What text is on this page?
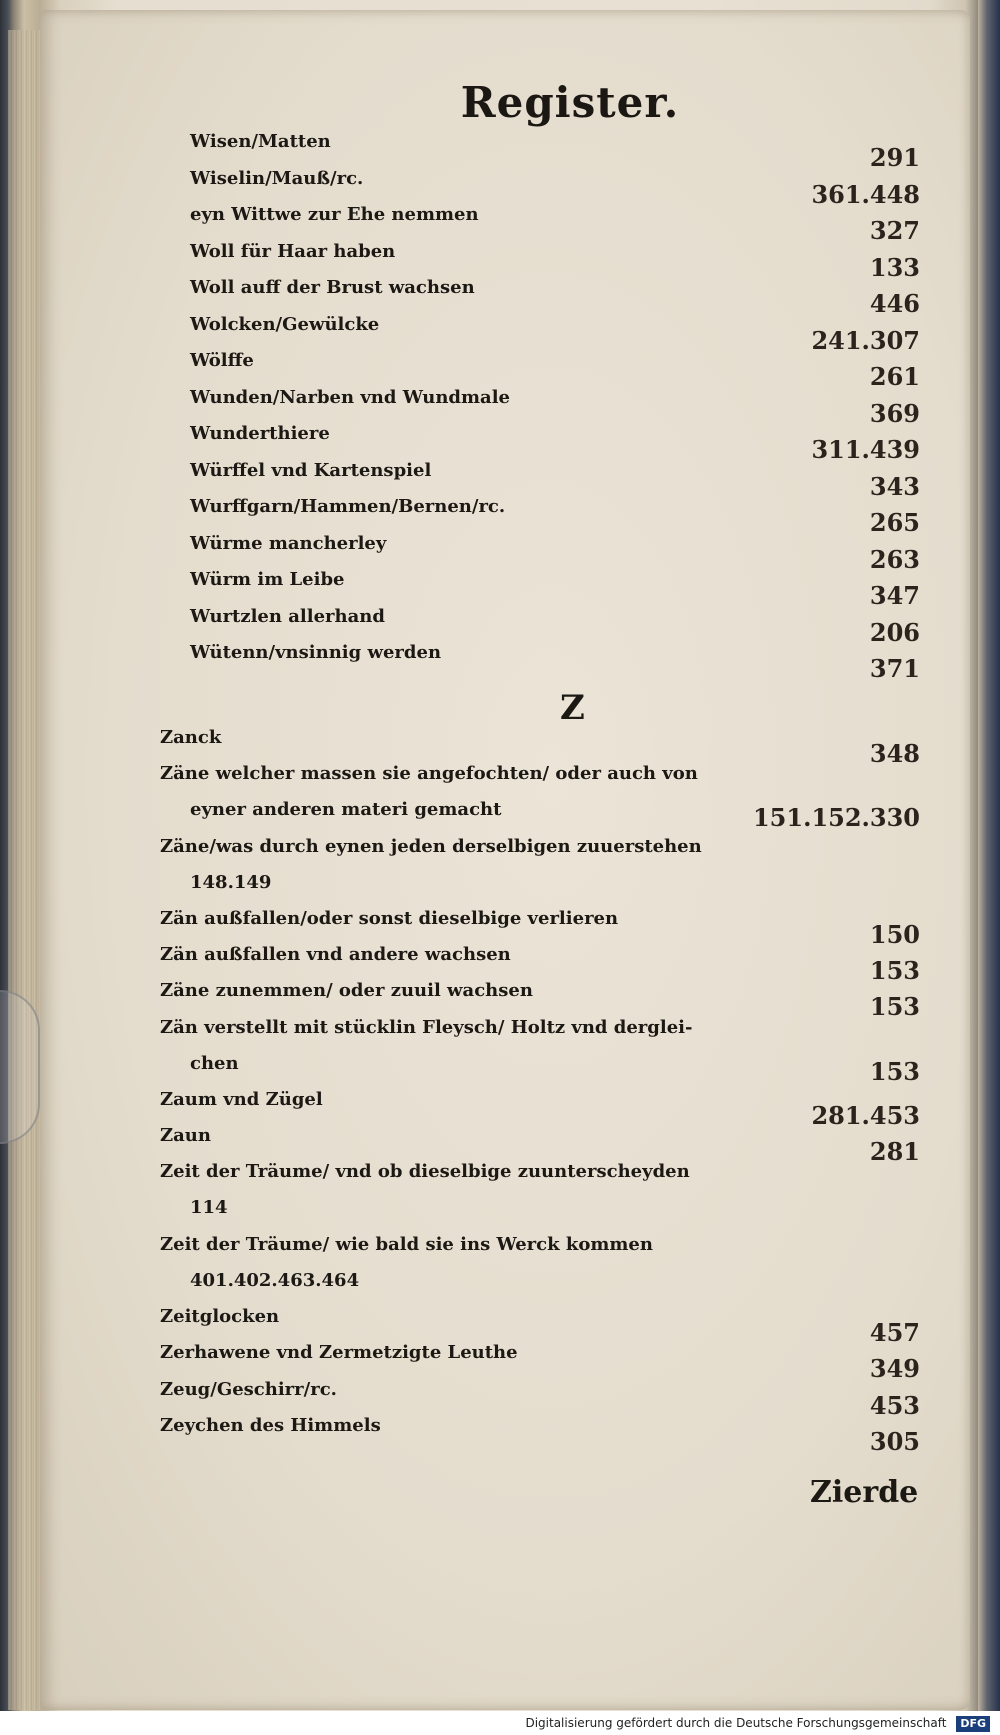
Register.
Wisen/Matten
291
Wiselin/Mauß/rc.
361.448
eyn Wittwe zur Ehe nemmen
327
Woll für Haar haben
133
Woll auff der Brust wachsen
446
Wolcken/Gewülcke
241.307
Wölffe
261
Wunden/Narben vnd Wundmale
369
Wunderthiere
311.439
Würffel vnd Kartenspiel
343
Wurffgarn/Hammen/Bernen/rc.
265
Würme mancherley
263
Würm im Leibe
347
Wurtzlen allerhand
206
Wütenn/vnsinnig werden
371
Z
Zanck
348
Zäne welcher massen sie angefochten/ oder auch von
eyner anderen materi gemacht	151.152.330
Zäne/was durch eynen jeden derselbigen zuuerstehen
148.149
Zän außfallen/oder sonst dieselbige verlieren
150
Zän außfallen vnd andere wachsen
153
Zäne zunemmen/ oder zuuil wachsen
153
Zän verstellt mit stücklin Fleysch/ Holtz vnd derglei-
chen	153
Zaum vnd Zügel
281.453
Zaun
281
Zeit der Träume/ vnd ob dieselbige zuunterscheyden
114
Zeit der Träume/ wie bald sie ins Werck kommen
401.402.463.464
Zeitglocken
457
Zerhawene vnd Zermetzigte Leuthe
349
Zeug/Geschirr/rc.
453
Zeychen des Himmels
305
Zierde
Digitalisierung gefördert durch die Deutsche Forschungsgemeinschaft DFG
